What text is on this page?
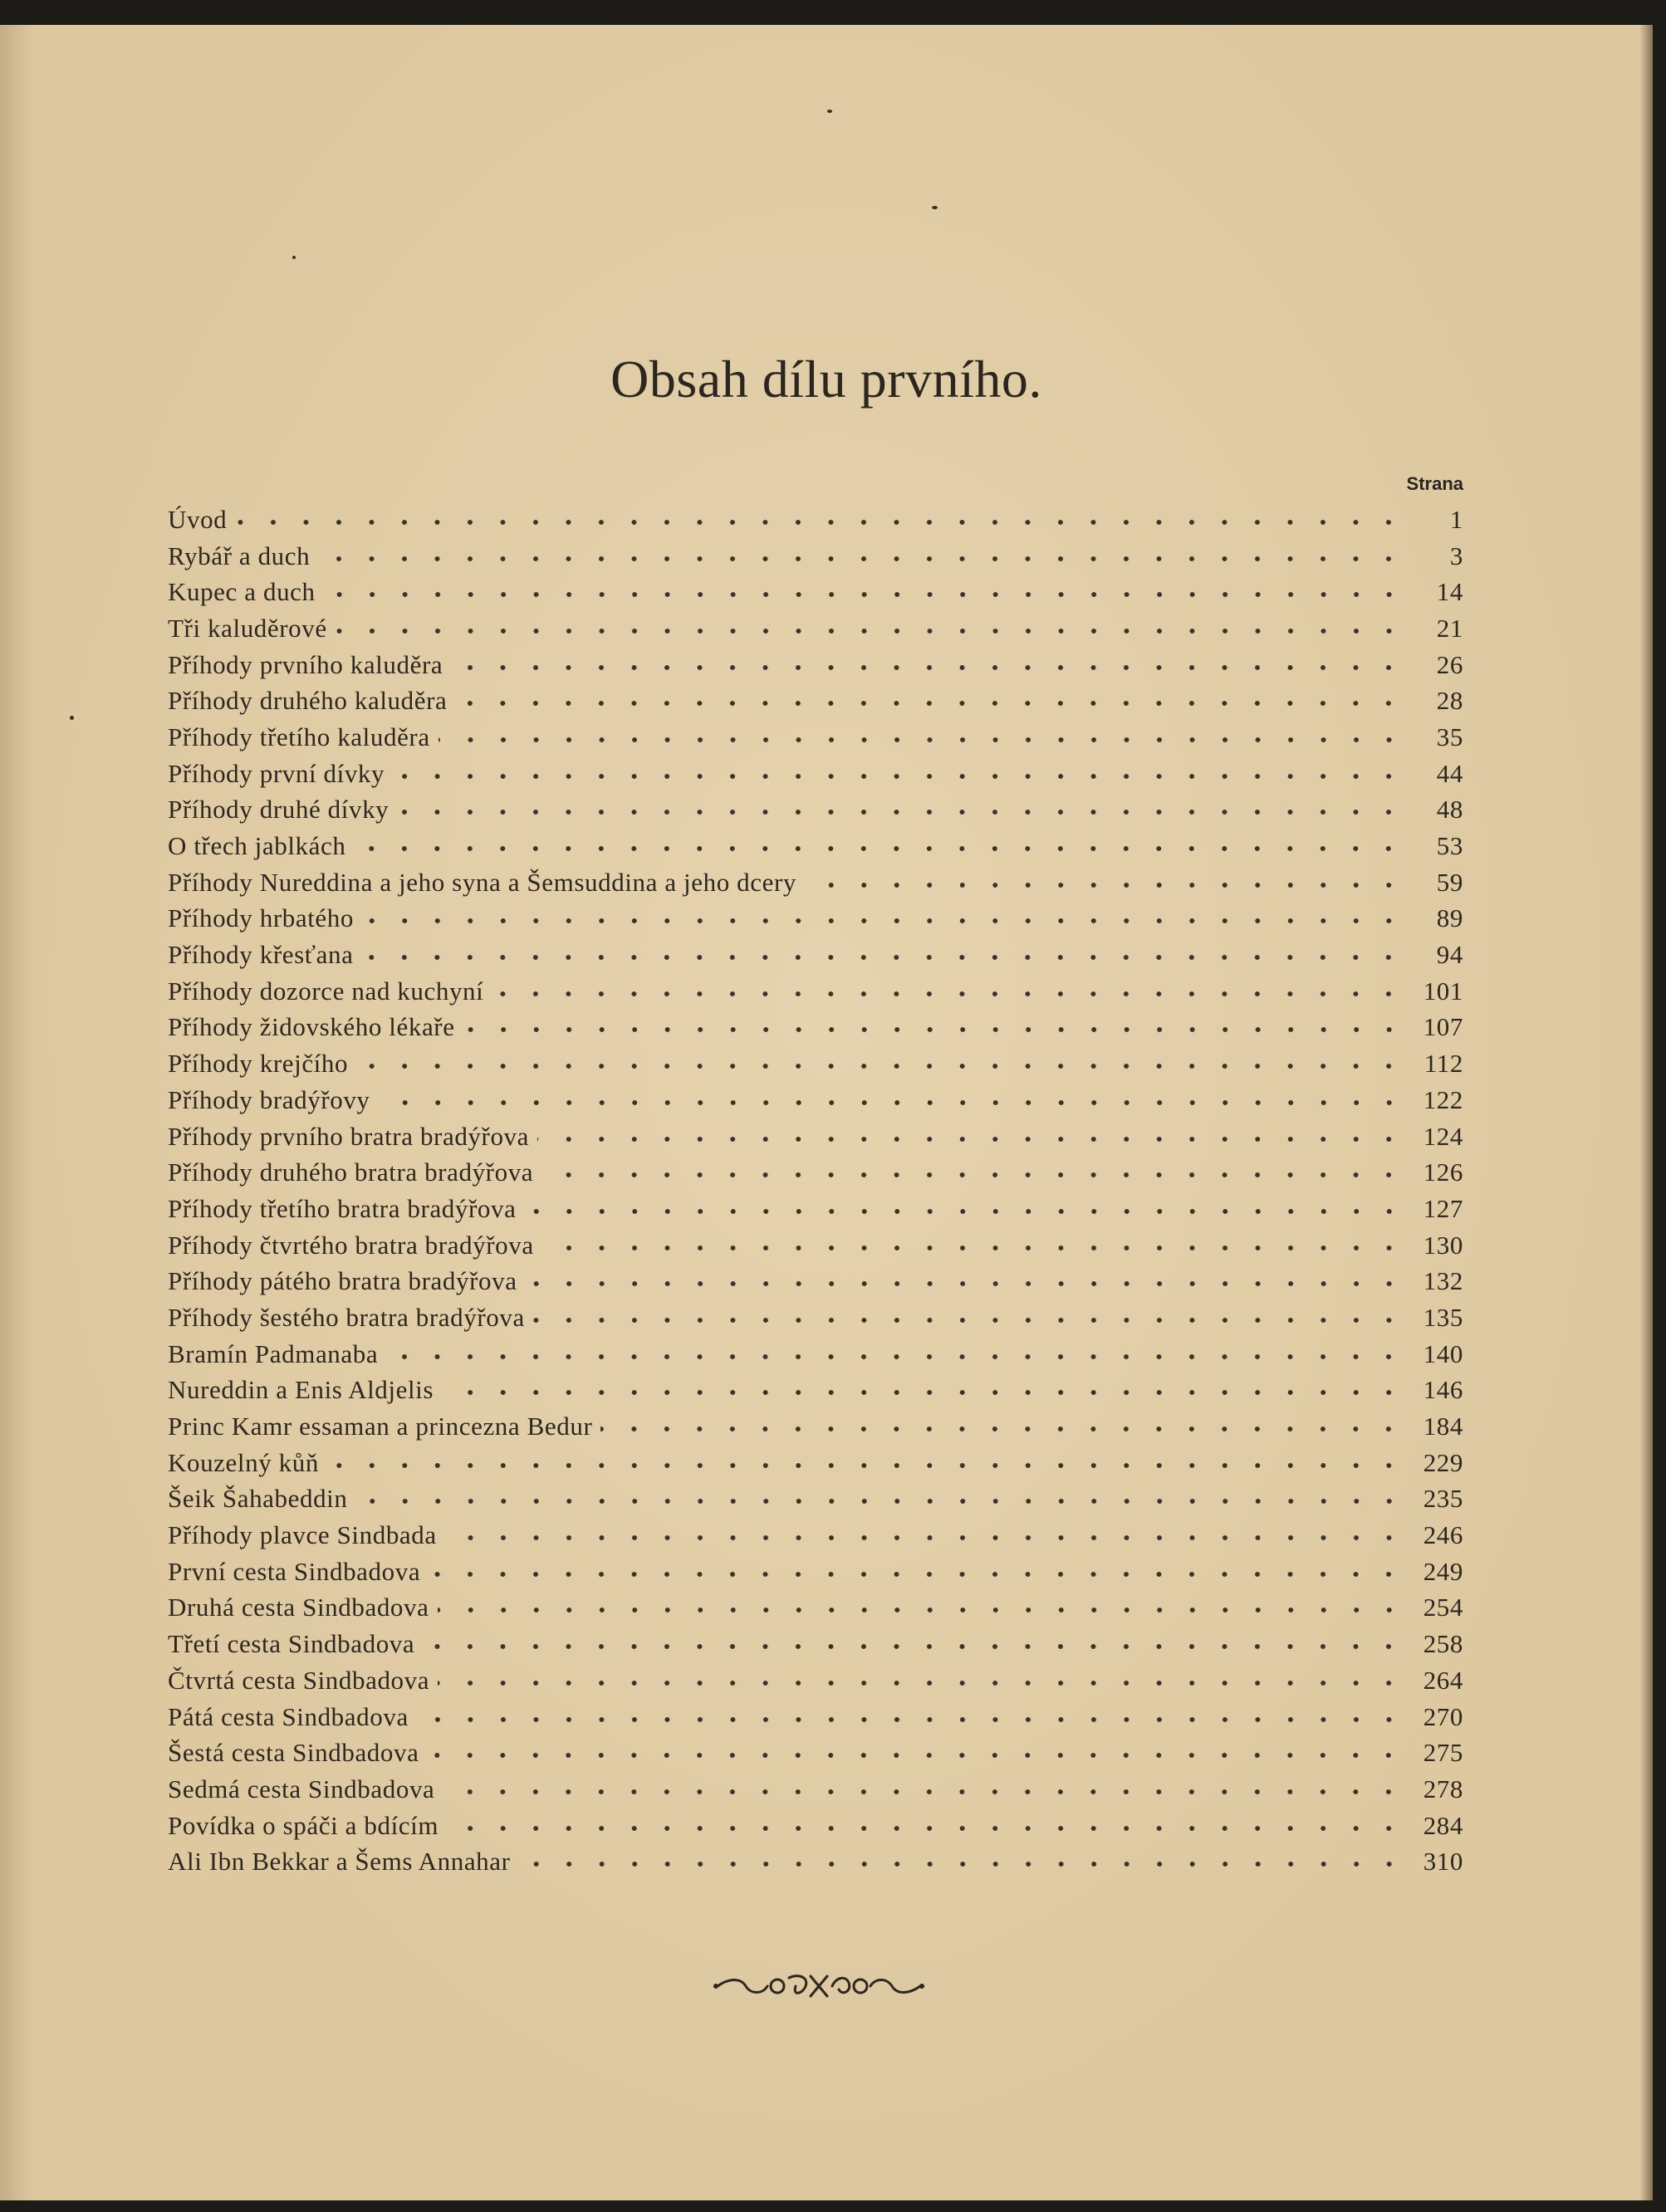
Obsah dílu prvního.
Strana
Úvod	1
Rybář a duch	3
Kupec a duch	14
Tři kaluděrové	21
Příhody prvního kaluděra	26
Příhody druhého kaluděra	28
Příhody třetího kaluděra	35
Příhody první dívky	44
Příhody druhé dívky	48
O třech jablkách	53
Příhody Nureddina a jeho syna a Šemsuddina a jeho dcery	59
Příhody hrbatého	89
Příhody křesťana	94
Příhody dozorce nad kuchyní	101
Příhody židovského lékaře	107
Příhody krejčího	112
Příhody bradýřovy	122
Příhody prvního bratra bradýřova	124
Příhody druhého bratra bradýřova	126
Příhody třetího bratra bradýřova	127
Příhody čtvrtého bratra bradýřova	130
Příhody pátého bratra bradýřova	132
Příhody šestého bratra bradýřova	135
Bramín Padmanaba	140
Nureddin a Enis Aldjelis	146
Princ Kamr essaman a princezna Bedur	184
Kouzelný kůň	229
Šeik Šahabeddin	235
Příhody plavce Sindbada	246
První cesta Sindbadova	249
Druhá cesta Sindbadova	254
Třetí cesta Sindbadova	258
Čtvrtá cesta Sindbadova	264
Pátá cesta Sindbadova	270
Šestá cesta Sindbadova	275
Sedmá cesta Sindbadova	278
Povídka o spáči a bdícím	284
Ali Ibn Bekkar a Šems Annahar	310
